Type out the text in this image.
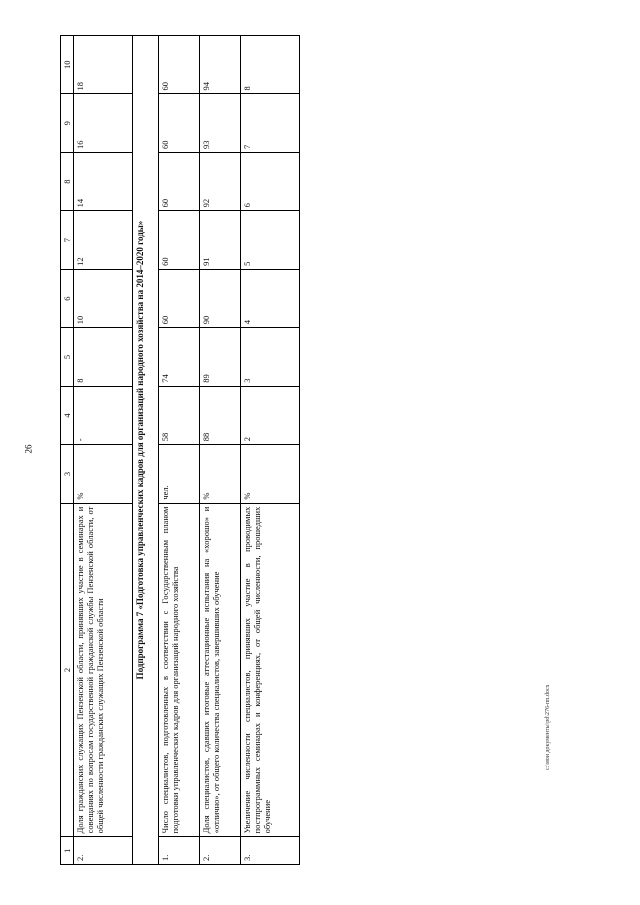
26
1	2	3	4	5	6	7	8	9	10
2.	Доля гражданских служащих Пензенской области, принявших участие в семинарах и совещаниях по вопросам государственной гражданской службы Пензенской области, от общей численности гражданских служащих Пензенской области	%	-	8	10	12	14	16	18
Подпрограмма 7 «Подготовка управленческих кадров для организаций народного хозяйства на 2014–2020 годы»									
1.	Число специалистов, подготовленных в соответствии с Государственным планом подготовки управленческих кадров для организаций народного хозяйства	чел.	58	74	60	60	60	60	60
2.	Доля специалистов, сдавших итоговые аттестационные испытания на «хорошо» и «отлично», от общего количества специалистов, завершивших обучение	%	88	89	90	91	92	93	94
3.	Увеличение численности специалистов, принявших участие в проводимых постпрограммных семинарах и конференциях, от общей численности, прошедших обучение	%	2	3	4	5	6	7	8
c:\мои документы\pd\276-пп.docx
